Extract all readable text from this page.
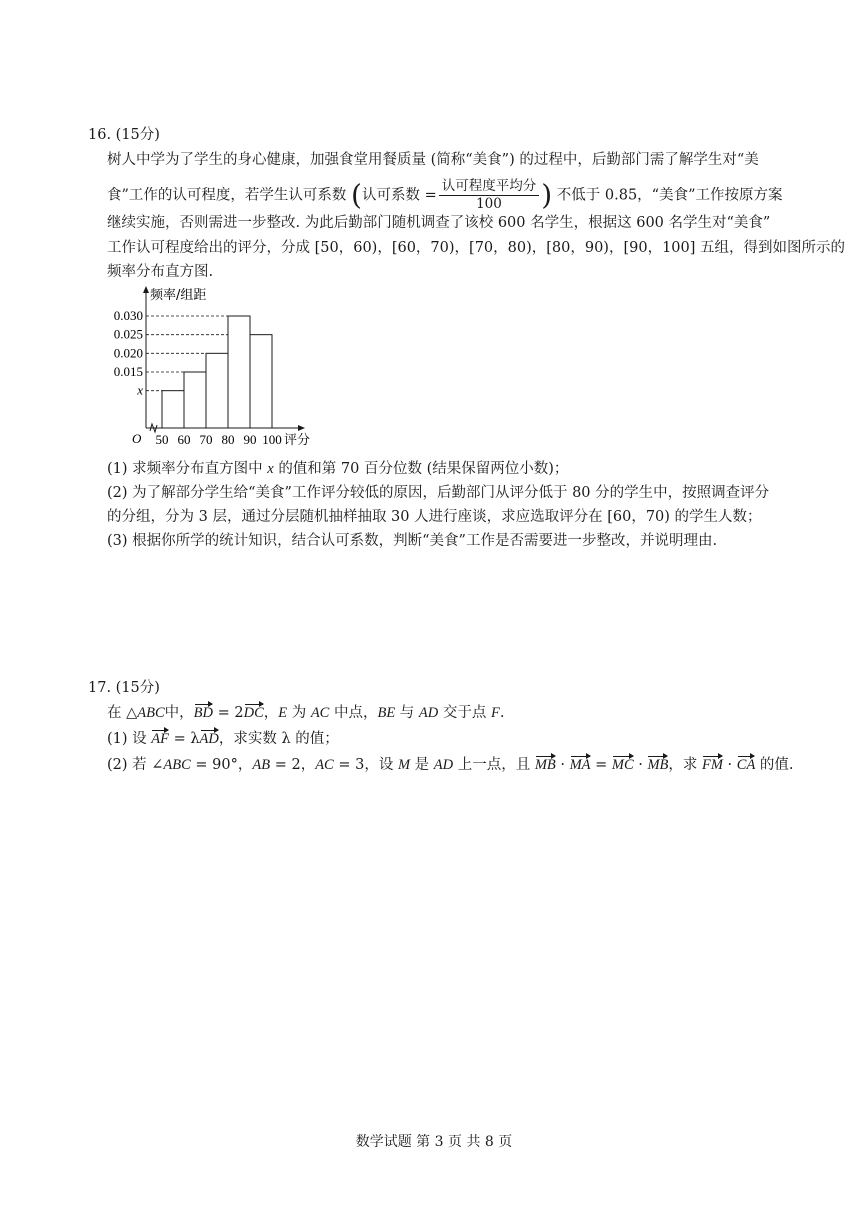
16. (15分)
树人中学为了学生的身心健康，加强食堂用餐质量 (简称“美食”) 的过程中，后勤部门需了解学生对“美
食”工作的认可程度，若学生认可系数 (认可系数 = $\frac{\text{认可程度平均分}}{100}$ ) 不低于 0.85，“美食”工作按原方案
继续实施，否则需进一步整改. 为此后勤部门随机调查了该校 600 名学生，根据这 600 名学生对“美食”
工作认可程度给出的评分，分成 [50，60)，[60，70)，[70，80)，[80，90)，[90，100] 五组，得到如图所示的
频率分布直方图.
x
0.015
0.020
0.025
0.030
50 60 70 80 90 100
O
频率/组距
评分
(1) 求频率分布直方图中 x 的值和第 70 百分位数 (结果保留两位小数)；
(2) 为了解部分学生给“美食”工作评分较低的原因，后勤部门从评分低于 80 分的学生中，按照调查评分
的分组，分为 3 层，通过分层随机抽样抽取 30 人进行座谈，求应选取评分在 [60，70) 的学生人数；
(3) 根据你所学的统计知识，结合认可系数，判断“美食”工作是否需要进一步整改，并说明理由.
17. (15分)
在 △ABC中，BD = 2DC，E 为 AC 中点，BE 与 AD 交于点 F.
(1) 设 AF = λAD，求实数 λ 的值；
(2) 若 ∠ABC = 90°，AB = 2，AC = 3，设 M 是 AD 上一点，且 MB · MA = MC · MB，求 FM · CA 的值.
数学试题 第 3 页 共 8 页
